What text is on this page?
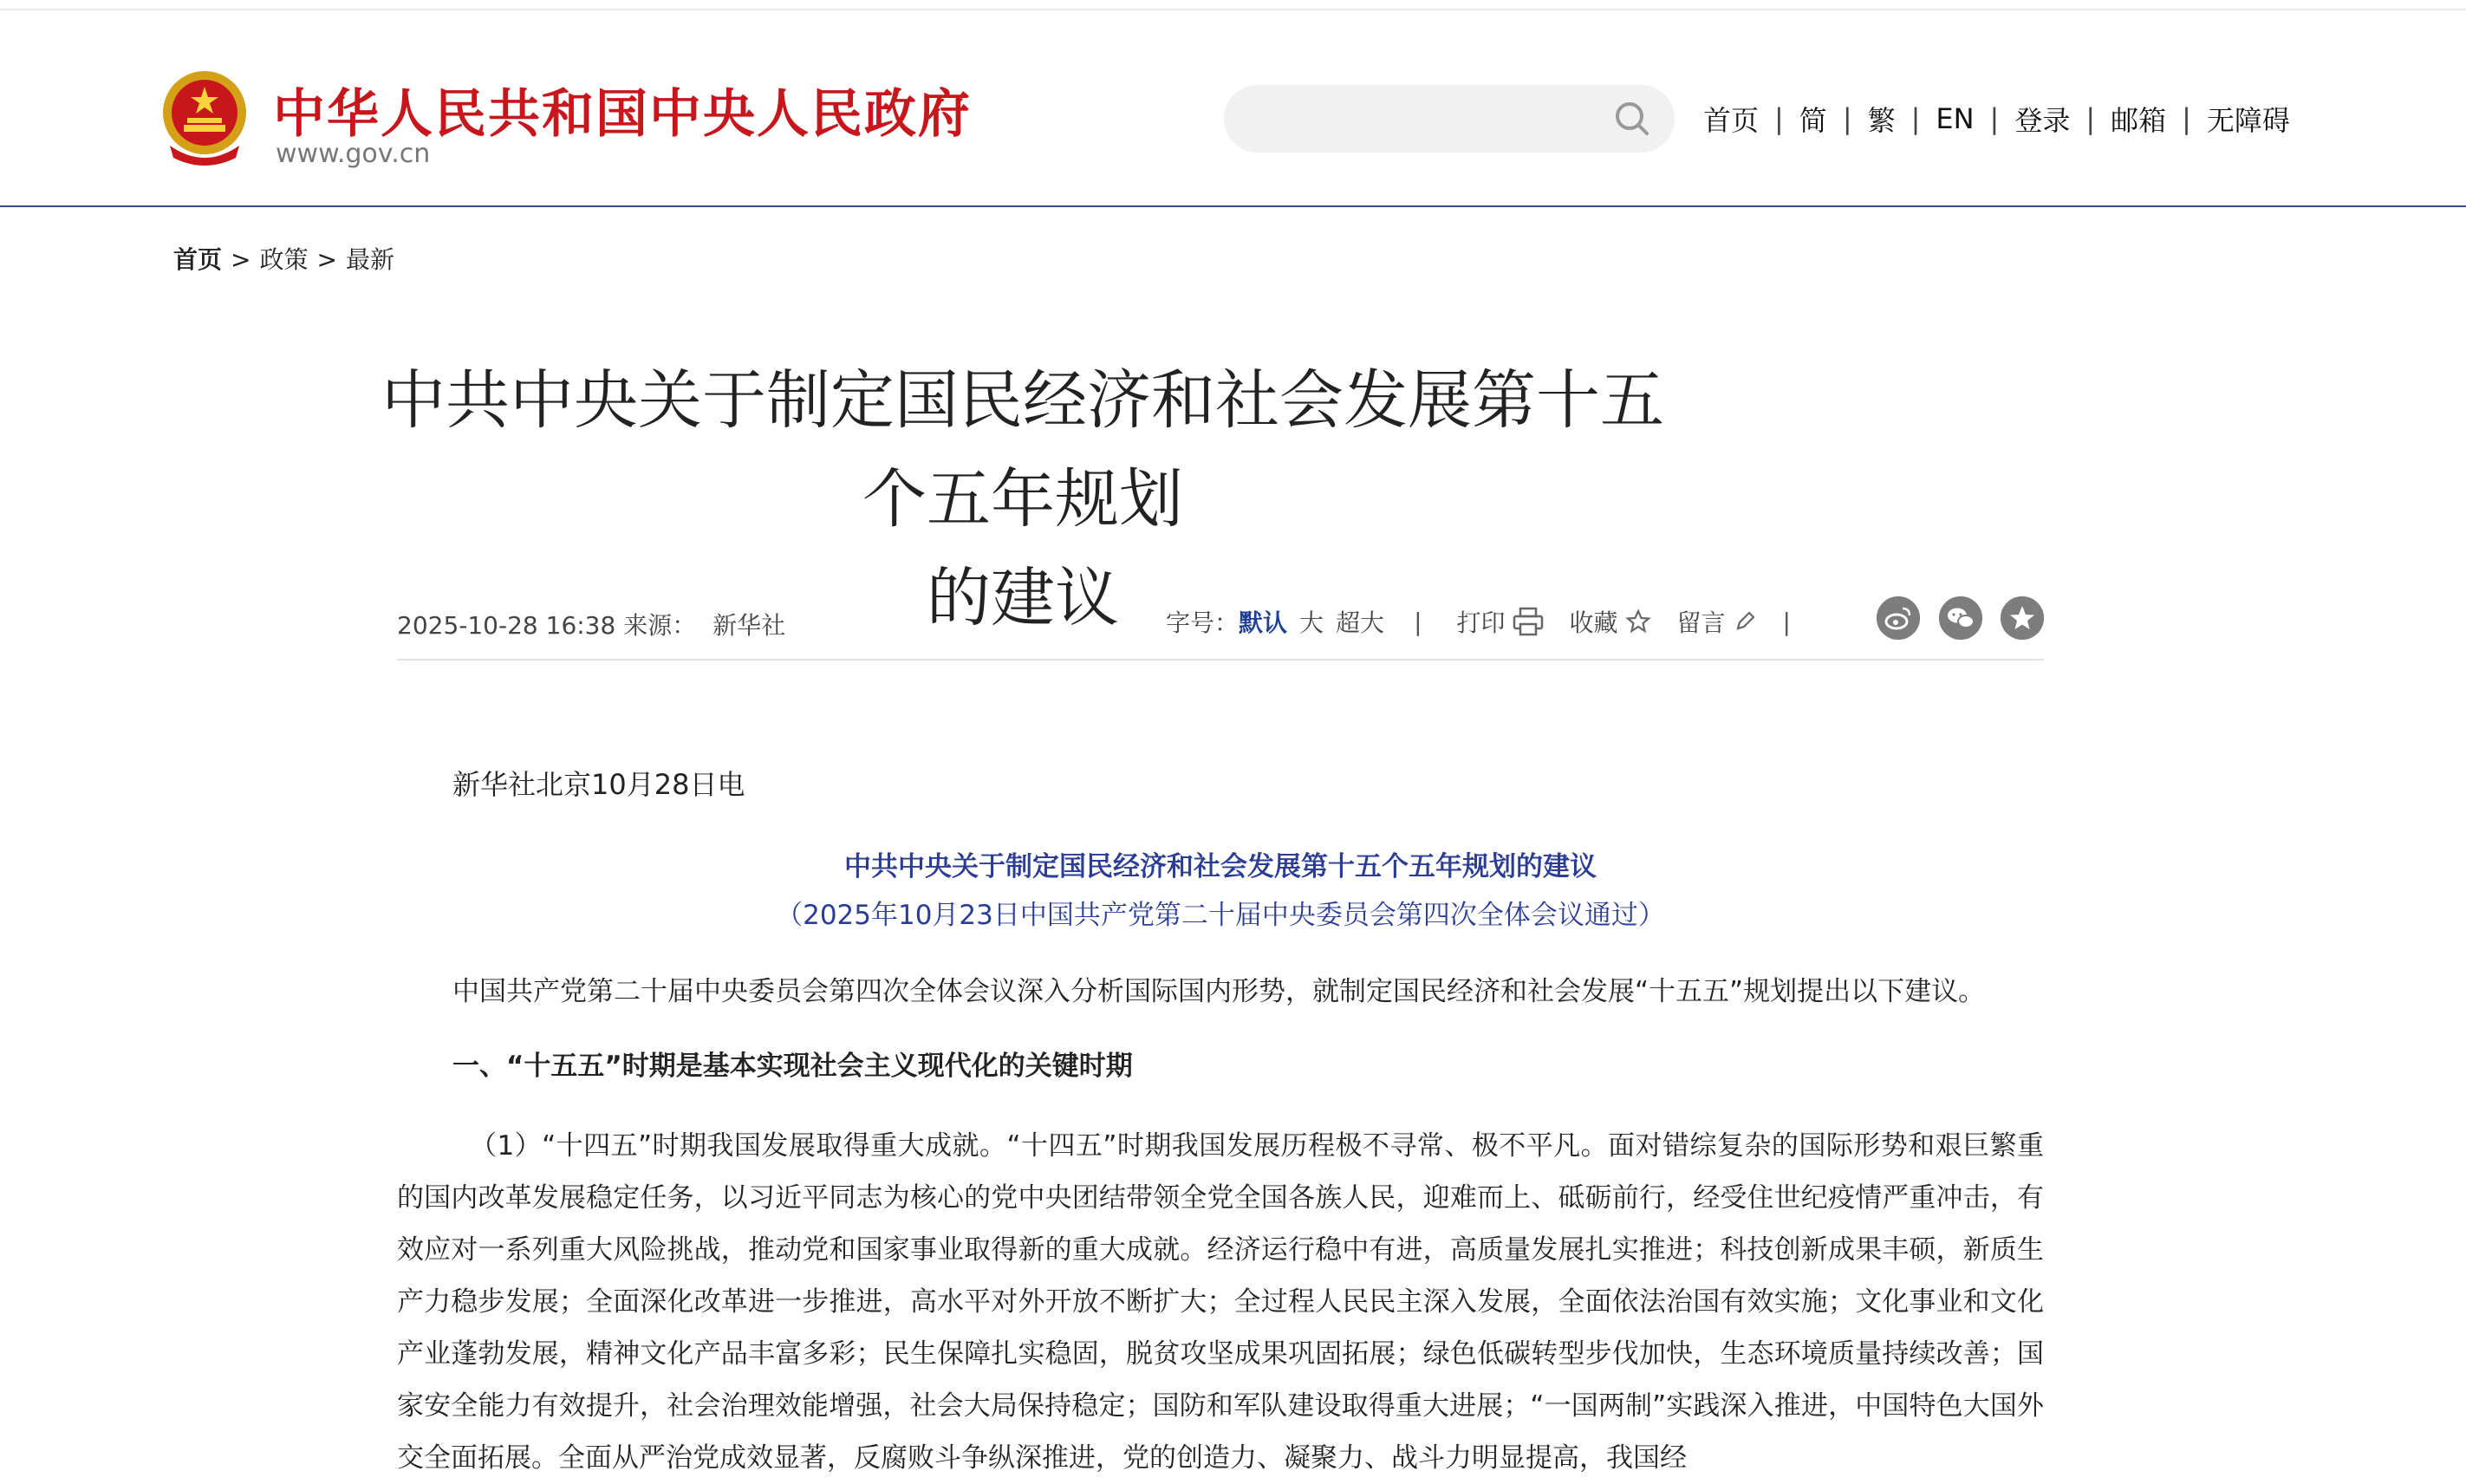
中华人民共和国中央人民政府
www.gov.cn
首页 | 简 | 繁 | EN | 登录 | 邮箱 | 无障碍
首页 > 政策 > 最新
中共中央关于制定国民经济和社会发展第十五个五年规划
的建议
2025-10-28 16:38 来源： 新华社	字号： 默认 大 超大 | 打印	收藏 留言 |
新华社北京10月28日电
中共中央关于制定国民经济和社会发展第十五个五年规划的建议
（2025年10月23日中国共产党第二十届中央委员会第四次全体会议通过）
中国共产党第二十届中央委员会第四次全体会议深入分析国际国内形势，就制定国民经济和社会发展“十五五”规划提出以下建议。
一、“十五五”时期是基本实现社会主义现代化的关键时期
（1）“十四五”时期我国发展取得重大成就。“十四五”时期我国发展历程极不寻常、极不平凡。面对错综复杂的国际形势和艰巨繁重的国内改革发展稳定任务，以习近平同志为核心的党中央团结带领全党全国各族人民，迎难而上、砥砺前行，经受住世纪疫情严重冲击，有效应对一系列重大风险挑战，推动党和国家事业取得新的重大成就。经济运行稳中有进，高质量发展扎实推进；科技创新成果丰硕，新质生产力稳步发展；全面深化改革进一步推进，高水平对外开放不断扩大；全过程人民民主深入发展，全面依法治国有效实施；文化事业和文化产业蓬勃发展，精神文化产品丰富多彩；民生保障扎实稳固，脱贫攻坚成果巩固拓展；绿色低碳转型步伐加快，生态环境质量持续改善；国家安全能力有效提升，社会治理效能增强，社会大局保持稳定；国防和军队建设取得重大进展；“一国两制”实践深入推进，中国特色大国外交全面拓展。全面从严治党成效显著，反腐败斗争纵深推进，党的创造力、凝聚力、战斗力明显提高，我国经
